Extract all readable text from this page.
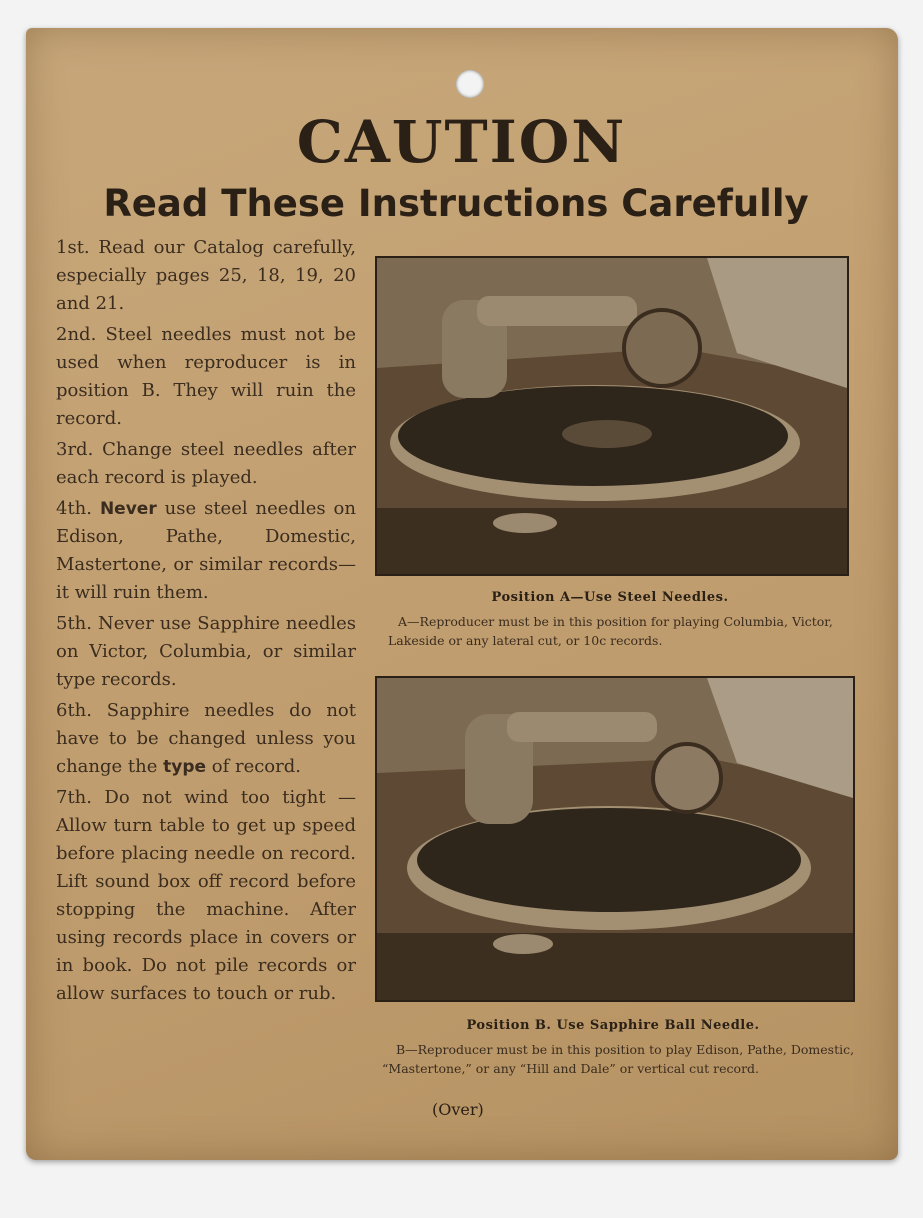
CAUTION
Read These Instructions Carefully
1st. Read our Catalog carefully, especially pages 25, 18, 19, 20 and 21.
2nd. Steel needles must not be used when reproducer is in position B. They will ruin the record.
3rd. Change steel needles after each record is played.
4th. Never use steel needles on Edison, Pathe, Domestic, Mastertone, or similar records—it will ruin them.
5th. Never use Sapphire needles on Victor, Columbia, or similar type records.
6th. Sapphire needles do not have to be changed unless you change the type of record.
7th. Do not wind too tight —Allow turn table to get up speed before placing needle on record. Lift sound box off record before stopping the machine. After using records place in covers or in book. Do not pile records or allow surfaces to touch or rub.
Position A—Use Steel Needles.
A—Reproducer must be in this position for playing Columbia, Victor, Lakeside or any lateral cut, or 10c records.
Position B. Use Sapphire Ball Needle.
B—Reproducer must be in this position to play Edison, Pathe, Domestic, “Mastertone,” or any “Hill and Dale” or vertical cut record.
(Over)
